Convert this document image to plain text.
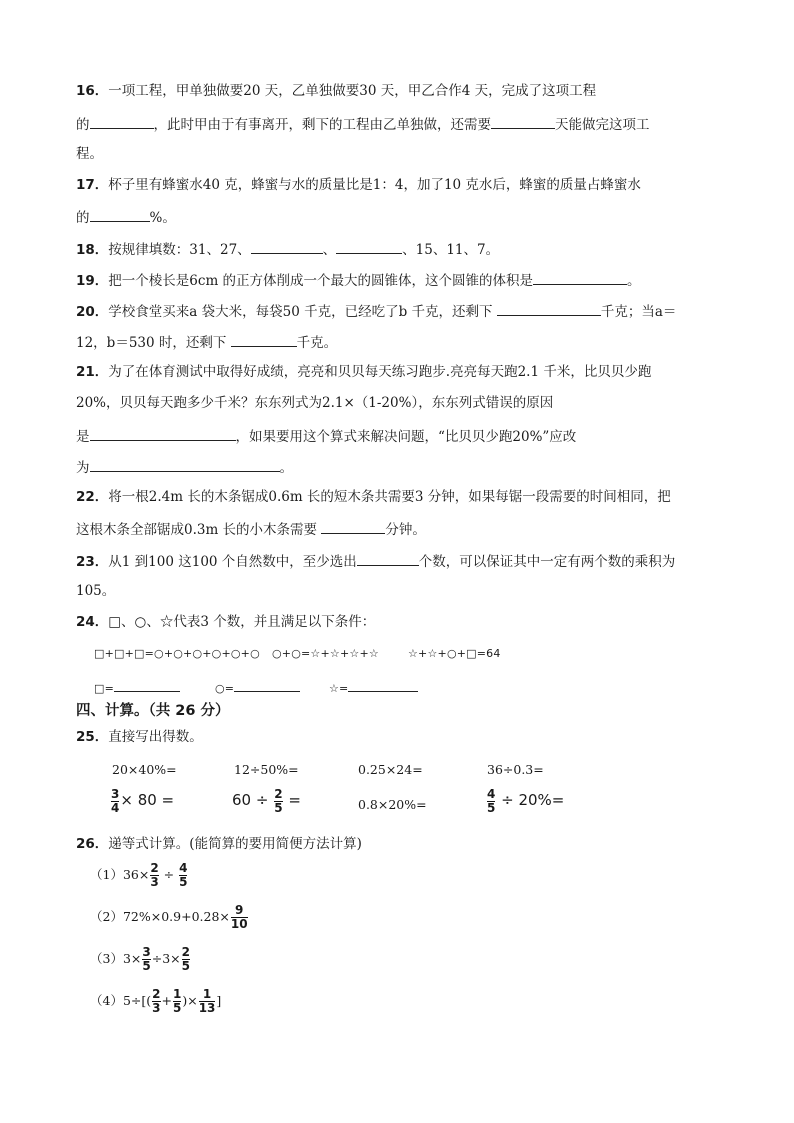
16．一项工程，甲单独做要20 天，乙单独做要30 天，甲乙合作4 天，完成了这项工程
的	，此时甲由于有事离开，剩下的工程由乙单独做，还需要	天能做完这项工
程。
17．杯子里有蜂蜜水40 克，蜂蜜与水的质量比是1：4，加了10 克水后，蜂蜜的质量占蜂蜜水
的	%。
18．按规律填数：31、27、	、	、15、11、7。
19．把一个棱长是6cm 的正方体削成一个最大的圆锥体，这个圆锥的体积是	。
20．学校食堂买来a 袋大米，每袋50 千克，已经吃了b 千克，还剩下	千克；当a＝
12，b＝530 时，还剩下	千克。
21．为了在体育测试中取得好成绩，亮亮和贝贝每天练习跑步.亮亮每天跑2.1 千米，比贝贝少跑
20%，贝贝每天跑多少千米？东东列式为2.1×（1-20%），东东列式错误的原因
是	，如果要用这个算式来解决问题，“比贝贝少跑20%”应改
为	。
22．将一根2.4m 长的木条锯成0.6m 长的短木条共需要3 分钟，如果每锯一段需要的时间相同，把
这根木条全部锯成0.3m 长的小木条需要	分钟。
23．从1 到100 这100 个自然数中，至少选出	个数，可以保证其中一定有两个数的乘积为
105。
24．□、○、☆代表3 个数，并且满足以下条件：
□+□+□=○+○+○+○+○+○ ○+○=☆+☆+☆+☆	☆+☆+○+□=64
□=	○=	☆=
四、计算。（共 26 分）
25．直接写出得数。
20×40%=	12÷50%=	0.25×24=	36÷0.3=
$\frac{3}{4} \times 80$ =	$60 \div \frac{2}{5}$ =	0.8×20%=	$\frac{4}{5} \div 20\%=$
26．递等式计算。(能简算的要用简便方法计算)
$(1)36\times \frac{2}{3} \div \frac{4}{5}$
$(2)72\%\times 0.9+0.28\times \frac{9}{10}$
$(3)3\times \frac{3}{5} \div 3\times \frac{2}{5}$
$(4)5\div[( \frac{2}{3} + \frac{1}{5}$ )× $\frac{1}{13}$ ]
